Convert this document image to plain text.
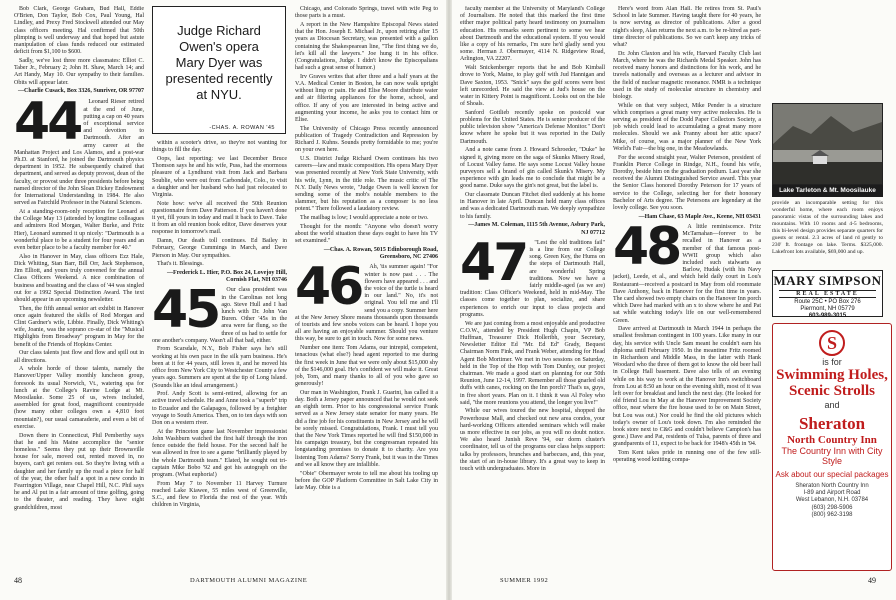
Bob Clark, George Graham, Bud Hall, Eddie O'Brien, Don Taylor, Bob Cox, Paul Young, Hal Lindley, and Prexy Fred Stockwell attended our May class officers meeting. Hal confirmed that 50th plimping is well underway and that hoped but astute manipulation of class funds reduced our estimated deficit from $1,100 to $600.

Sadly, we've lost three more classmates: Elliot C. Taber Jr., February 2; John H. Shaw, March 14; and Art Handy, May 10. Our sympathy to their families. Obits will appear later.

—Charlie Cusack, Box 3326, Sunriver, OR 97707

44	Leonard Rieser retired at the end of June, putting a cap on 40 years of exceptional service and devotion to Dartmouth. After an army career at the Manhattan Project and Los Alamos, and a post-war Ph.D. at Stanford, he joined the Dartmouth physics department in 1952. He subsequently chaired that department, and served as deputy provost, dean of the faculty, or provost under three presidents before being named director of the John Sloan Dickey Endowment for International Understanding in 1984. He also served as Fairchild Professor in the Natural Sciences.

At a standing-room-only reception for Leonard at the College May 13 (attended by longtime colleagues and admirers Rod Morgan, Walter Burke, and Fritz Hier), Leonard summed it up nicely: "Dartmouth is a wonderful place to be a student for four years and an even better place to be a faculty member for 40."

Also in Hanover in May, class officers Ezz Hale, Dick Whiting, Stan Barr, Bill Orr, Jack Stephenson, Jim Elliott, and yours truly convened for the annual Class Officers Weekend. A nice combination of business and boasting and the class of '44 was singled out for a 1992 Special Distinction Award. The text should appear in an upcoming newsletter.

Then, the fifth annual senior art exhibit in Hanover once again featured the skills of Rod Morgan and Clint Gardner's wife, Libbie. Finally, Dick Whiting's wife, Joanie, was the soprano co-star of the "Musical Highlights from Broadway" program in May for the benefit of the Friends of Hopkins Center.

Our class talents just flow and flow and spill out in all directions.

A whole horde of those talents, namely the Hanover/Upper Valley monthly luncheon group, foresook its usual Norwich, Vt., watering spa for lunch at the College's Ravine Lodge at Mt. Moosilauke. Some 25 of us, wives included, assembled for great food, magnificent countryside (how many other colleges own a 4,810 foot mountain?), our usual camaraderie, and even a bit of exercise.

Down there in Connecticut, Phil Pemberthy says that he and his Maine accomplice the "senior homeless." Seems they put up their Brownsville house for sale, moved out, rented moved in, no buyers, can't get renters out. So they're living with a daughter and her family up the road a piece for half of the year, the other half a spot in a new condo in Fearrington Village, near Chapel Hill, N.C. Phil says he and Al put in a fair amount of time golfing, going to the theater, and reading. They have eight grandchildren, most

Judge Richard Owen's opera Mary Dyer was presented recently at NYU.
-CHAS. A. ROWAN '45

within a scooter's drive, so they're not wanting for things to fill the day.

Oops, last reporting: we last December Bruce Thomson says he and his wife, Puss, had the enormous pleasure of a Lyndhurst visit from Jack and Barbara Soublie, who were out from Carbondale, Colo., to visit a daughter and her husband who had just relocated to Virginia.

Note how: we've all received the 50th Reunion questionnaire from Dave Patterson. If you haven't done it yet, fill yours in today and mail it back to Dave. Take it from an old reunion book editor, Dave deserves your response in tomorrow's mail.

Damn, Our death toll continues. Ed Bailey in February, George Cummings in March, and Dave Pierson in May. Our sympathies.

That's it. Blessings.

—Frederick L. Hier, P.O. Box 24, Lovejoy Hill, Cornish Flat, NH 03746

45	Our class president was in the Carolinas not long ago. Steve Hull and I had lunch with Dr. John Van Buren. Other '45s in the area were far flung, so the three of us had to settle for one another's company. Wasn't all that bad, either.

From Scarsdale, N.Y., Bob Fisher says he's still working at his own pace in the silk yarn business. He's been at it for 44 years, still loves it, and he moved his office from New York City to Westchester County a few years ago. Summers are spent at the tip of Long Island. (Sounds like an ideal arrangement.)

Prof. Andy Scott is semi-retired, allowing for an active travel schedule. He and Anne took a "superb" trip to Ecuador and the Galapagos, followed by a freighter voyage to South America. Then, on to ten days with son Don on a western river.

At the Princeton game last November impressionist John Washburn watched the first half through the iron fence outside the field house. For the second half he was allowed in free to see a game "brilliantly played by the whole Dartmouth team." Elated, he sought out tri-captain Mike Bobo '92 and got his autograph on the program. (What euphoria!)

From May 7 to November 11 Harvey Turnure reached Lake Kiawee, 55 miles west of Greenville, S.C., and flew to Florida the rest of the year. With children in Virginia,

Chicago, and Colorado Springs, travel with wife Peg to those parts is a must.

A report in the New Hampshire Episcopal News stated that the Hon. Joseph E. Michael Jr., upon retiring after 15 years as Diocesan Secretary, was presented with a gallon containing the Shakespearean line, "The first thing we do, let's kill all the lawyers." Joe hung it in his office. (Congratulations, Judge. I didn't know the Episcopalians had such a great sense of humor.)

Irv Graves writes that after three and a half years at the V.A. Medical Center in Boston, he can now walk upright without limp or pain. He and Elise Moore distribute water and air filtering appliances for the home, school, and office. If any of you are interested in being active and augmenting your income, he asks you to contact him or Elise.

The University of Chicago Press recently announced publication of Tragedy Contradiction and Repression by Richard J. Kuhns. Sounds pretty formidable to me; you're on your own here.

U.S. District Judge Richard Owen continues his two careers—law and music composition. His opera Mary Dyer was presented recently at New York State University, with his wife, Lynn, in the title role. The music critic of The N.Y. Daily News wrote, "Judge Owen is well known for sending some of the mob's notable members to the slammer, but his reputation as a composer is no less potent." There followed a laudatory review.

The mailbag is low; I would appreciate a note or two.

Thought for the month: "Anyone who doesn't worry about the world situation these days ought to have his TV set examined."

—Chas. A. Rowan, 5015 Edinborough Road, Greensboro, NC 27406

46	Ah, 'tis summer again! "For winter is now past . . . The flowers have appeared . . . and the voice of the turtle is heard in our land." No, it's not original. You tell me and I'll send you a copy. Summer here at the New Jersey Shore means thousands upon thousands of tourists and few snobs voices can be heard. I hope you all are having an enjoyable summer. Should you venture this way, be sure to get in touch. Now for some news.

Number one item: Tom Adams, our intrepid, competent, tenacious (what else?) head agent reported to me during the first week in June that we were only about $15,000 shy of the $146,000 goal. He's confident we will make it. Great job, Tom, and many thanks to all of you who gave so generously!

Our man in Washington, Frank J. Guarini, has called it a day. Both a Jersey paper announced that he would not seek an eighth term. Prior to his congressional service Frank served as a New Jersey state senator for many years. He did a fine job for his constituents in New Jersey and he will be sorely missed. Congratulations, Frank. I must tell you that the New York Times reported he will find $150,000 in his campaign treasury, but the congressman repeated his longstanding promises to donate it to charity. Are you listening Tom Adams? Sorry Frank, but it was in the Times and we all know they are infallible.

"Obie" Obermayer wrote to tell me about his tooling up before the GOP Platform Committee in Salt Lake City in late May. Obie is a

48	DARTMOUTH ALUMNI MAGAZINE

faculty member at the University of Maryland's College of Journalism. He noted that this marked the first time either major political party heard testimony on journalism education. His remarks seem pertinent to some we hear about Dartmouth and the educational system. If you would like a copy of his remarks, I'm sure he'd gladly send you some. Herman J. Obermayer, 4114 N. Ridgeview Road, Arlington, VA 22207.

Walt Snickenberger reports that he and Bob Kimball drove to York, Maine, to play golf with Jud Hannigan and Dave Saxton, 1953. "Snick" says the golf scores were best left unrecorded. He said the view at Jud's house on the water in Kittery Point is magnificent. Looks out on the Isle of Shoals.

Sanford Gottlieb recently spoke on postcold war problems for the United States. He is senior producer of the public television show "America's Defense Monitor." Don't know where he spoke but it was reported in the Daily Dartmouth.

And a note came from J. Howard Schroeder, "Duke" he signed it, giving more on the saga of Skunks Misery Road, of Locust Valley fame. He says some Locust Valley house purveyors sell a brand of gin called Skunk's Misery. My experience with gin leads me to conclude that might be a good name. Duke says the gin's not great, but the label is.

Our classmate Duncan Fitchet died suddenly at his home in Hanover in late April. Duncan held many class offices and was a dedicated Dartmouth man. We deeply sympathize to his family.

—James M. Coleman, 1115 5th Avenue, Asbury Park, NJ 07712

47	"Lest the old traditions fail" is a line from our College song. Green Key, the Hums on the steps of Dartmouth Hall, are wonderful Spring traditions. Now we have a fairly middle-aged (as we are) tradition: Class Officer's Weekend, held in mid-May. The classes come together to plan, socialize, and share experiences to enrich our input to class projects and programs.

We are just coming from a most enjoyable and productive C.O.W., attended by President Hugh Chapin, VP Bob Huffman, Treasurer Dick Holleribh, your Secretary, Newsletter Editor Ed "Mr. Ed Ed" Grady, Bequest Chairman Norm Fink, and Frank Weber, attending for Head Agent Bob Mortimer. We met in two sessions on Saturday, held in the Top of the Hop with Tom Dunfey, our project chairman. We made a good start on planning for our 50th Reunion, June 12-14, 1997. Remember all those gnarled old duffs with canes, rocking on the Inn porch? That's us, guys, in five short years. Plan on it. I think it was Al Foley who said, "the more reunions you attend, the longer you live!"

While our wives toured the new hospital, shopped the Powerhouse Mall, and checked out new area condos, your hard-working Officers attended seminars which will make us more effective in our jobs, as you will no doubt notice. We also heard Junish Reve '94, our dorm cluster's coordinator, tell us of the programs our class helps support: talks by professors, brunches and barbecues, and, this year, the start of an in-house library. It's a great way to keep in touch with undergraduates. More in

Here's word from Alan Hall. He retires from St. Paul's School in late Summer. Having taught there for 40 years, he is now serving as director of publications. After a good night's sleep, Alan returns the next a.m. to be re-hired as part-time director of publications. So we can't keep any tricks of what?

Dr. John Claxton and his wife, Harvard Faculty Club last March, where he was the Richards Medal Speaker. John has received many honors and distinctions for his work, and he travels nationally and overseas as a lecturer and advisor in the field of nuclear magnetic resonance. NMR is a technique used in the study of molecular structure in chemistry and biology.

While on that very subject, Mike Pender is a structure which comprises a great many very active molecules. He is serving as president of the Dodd Paper Collectors Society, a job which could lead to accumulating a great many more molecules. Should we ask Franny about her attic space? Mike, of course, was a major planner of the New York World's Fair—the big one, in the Meadowlands.

For the second straight year, Walter Peterson, president of Franklin Pierce College in Rindge, N.H., found his wife, Dorothy, beside him on the graduation podium. Last year she received the Alumni Distinguished Service award. This year the Senior Class honored Dorothy Peterson for 17 years of service to the College, selecting her for their honorary Bachelor of Arts degree. The Petersons are legendary at the lovely college. See you soon.

—Ham Chase, 63 Maple Ave., Keene, NH 03431

48	A little reminiscence. Fritz McTarnahan—forever to be recalled in Hanover as a member of that famous post-WWII group which also included such stalwarts as Barlow, Hudak (with his Navy jacket), Leede, et al., and which held daily court in Lou's Restaurant—received a postcard in May from old roommate Dave Anthony, back in Hanover for the first time in years. The card showed two empty chairs on the Hanover Inn porch which Dave had marked with an x to show where he and Pat sat while watching today's life on our well-remembered Green.

Dave arrived at Dartmouth in March 1944 in perhaps the smallest freshman contingent in 100 years. Like many in our day, his service with Uncle Sam meant he couldn't earn his diploma until February 1950. In the meantime Fritz roomed in Richardson and Middle Mass, in the latter with Hank Woodard who the three of them got to know the old beer hall in College Hall basement. Dave also tells of an evening while on his way to work at the Hanover Inn's switchboard from Lou at 8:50 an hour on the evening shift, most of it was left over for breakfast and lunch the next day. (He looked for old friend Lou in May at the Hanover Improvement Society office, near where the fire house used to be on Main Street, but Lou was out.) Nor could he find the old pictures which today's owner of Lou's took down. I'm also reminded the book store next to C&G and couldn't believe Campion's has gone.) Dave and Pat, residents of Tulsa, parents of three and grandparents of 11, expect to be back for 1948's 45th in '94.

Tom Kent takes pride in running one of the few still-operating wood knitting compa-

Lake Tarleton & Mt. Moosilauke
provide an incomparable setting for this wonderful home, where each room enjoys panoramic vistas of the surrounding lakes and mountains. With 10 rooms and 4-5 bedrooms, this bi-level design provides separate quarters for guests or rental. 2.3 acres of land rd gently to 230' ft. frontage on lake. Terms. $325,000. Lakefront lots available, $69,000 and up.
MARY SIMPSON
REAL ESTATE
Route 25C • PO Box 276
Piermont, NH 05779
603-989-3015
S
is for
Swimming Holes,
Scenic Strolls
and
Sheraton
North Country Inn
The Country Inn with City Style
Ask about our special packages
Sheraton North Country Inn
I-89 and Airport Road
West Lebanon, N.H. 03784
(603) 298-5906
(800) 962-3198
SUMMER 1992	49
